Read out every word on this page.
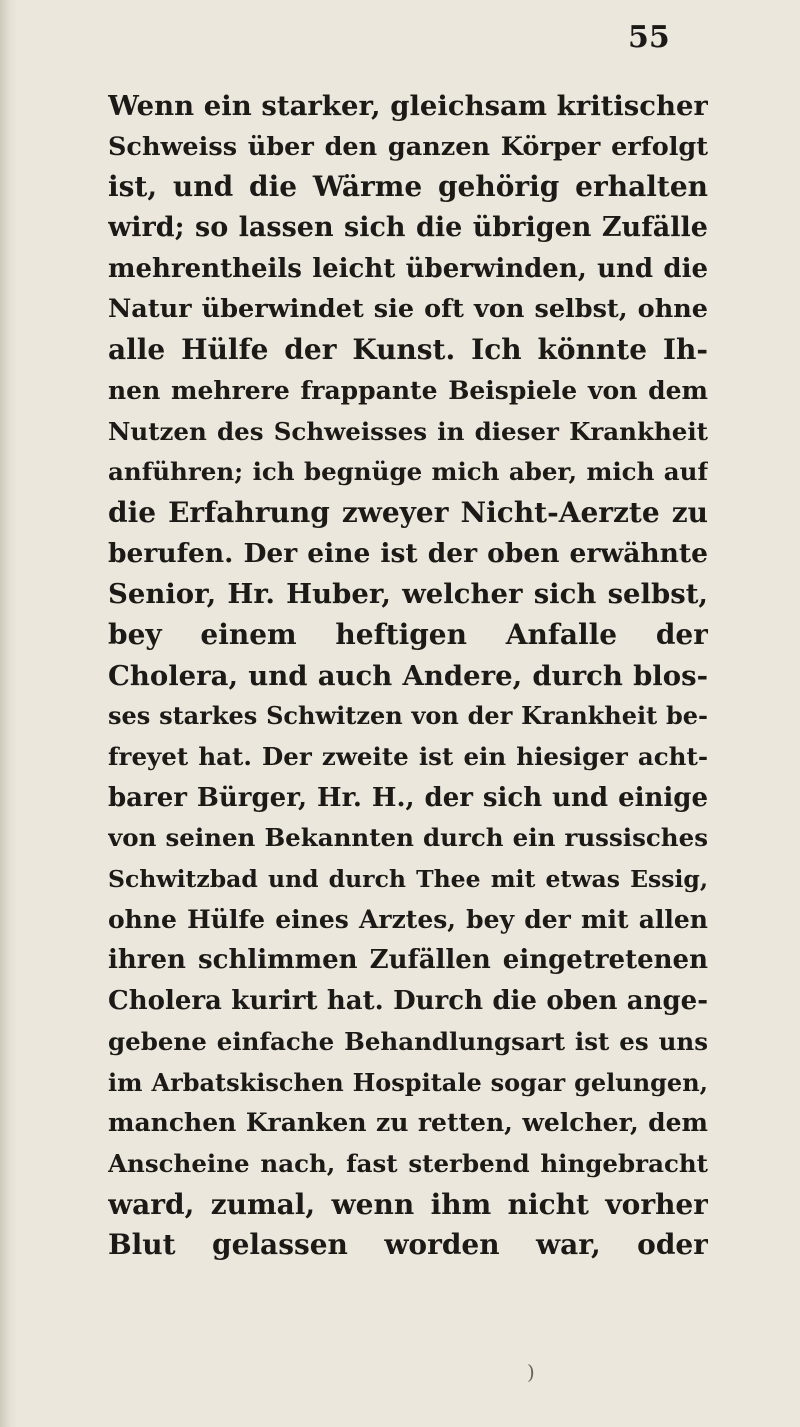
55
Wenn ein starker, gleichsam kritischer
Schweiss über den ganzen Körper erfolgt
ist, und die Wärme gehörig erhalten
wird; so lassen sich die übrigen Zufälle
mehrentheils leicht überwinden, und die
Natur überwindet sie oft von selbst, ohne
alle Hülfe der Kunst. Ich könnte Ih-
nen mehrere frappante Beispiele von dem
Nutzen des Schweisses in dieser Krankheit
anführen; ich begnüge mich aber, mich auf
die Erfahrung zweyer Nicht-Aerzte zu
berufen. Der eine ist der oben erwähnte
Senior, Hr. Huber, welcher sich selbst,
bey einem heftigen Anfalle der
Cholera, und auch Andere, durch blos-
ses starkes Schwitzen von der Krankheit be-
freyet hat. Der zweite ist ein hiesiger acht-
barer Bürger, Hr. H., der sich und einige
von seinen Bekannten durch ein russisches
Schwitzbad und durch Thee mit etwas Essig,
ohne Hülfe eines Arztes, bey der mit allen
ihren schlimmen Zufällen eingetretenen
Cholera kurirt hat. Durch die oben ange-
gebene einfache Behandlungsart ist es uns
im Arbatskischen Hospitale sogar gelungen,
manchen Kranken zu retten, welcher, dem
Anscheine nach, fast sterbend hingebracht
ward, zumal, wenn ihm nicht vorher
Blut gelassen worden war, oder
)
